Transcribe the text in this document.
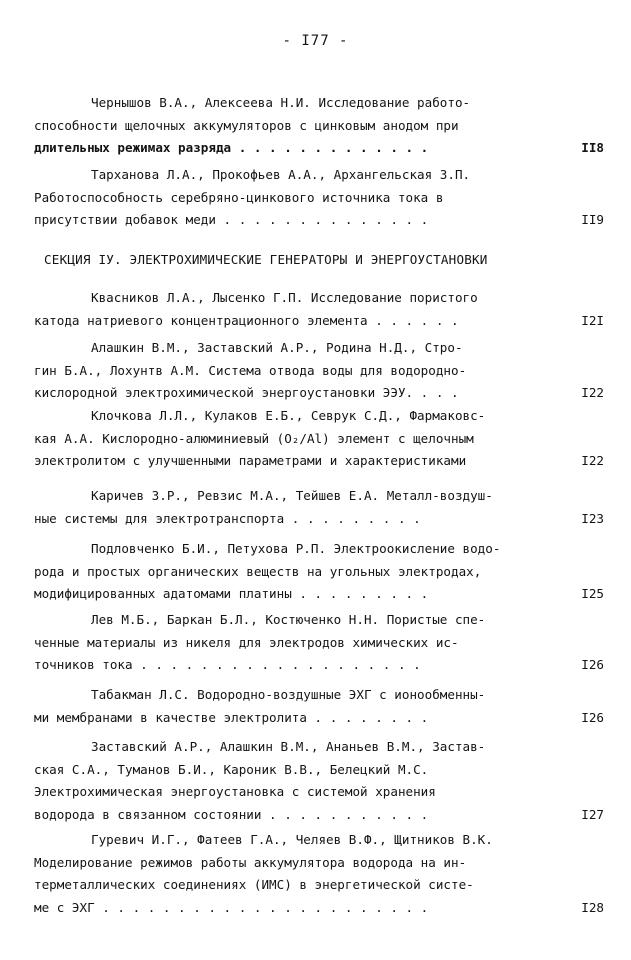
- I77 -
Чернышов В.А., Алексеева Н.И. Исследование работо-
способности щелочных аккумуляторов с цинковым анодом при
длительных режимах разряда . . . . . . . . . . . . .	II8
Тарханова Л.А., Прокофьев А.А., Архангельская З.П.
Работоспособность серебряно-цинкового источника тока в
присутствии добавок меди . . . . . . . . . . . . . .	II9
СЕКЦИЯ IУ. ЭЛЕКТРОХИМИЧЕСКИЕ ГЕНЕРАТОРЫ И ЭНЕРГОУСТАНОВКИ
Квасников Л.А., Лысенко Г.П. Исследование пористого
катода натриевого концентрационного элемента . . . . . .	I2I
Алашкин В.М., Заставский А.Р., Родина Н.Д., Стро-
гин Б.А., Лохунтв А.М. Система отвода воды для водородно-
кислородной электрохимической энергоустановки ЭЭУ. . . .	I22
Клочкова Л.Л., Кулаков Е.Б., Севрук С.Д., Фармаковс-
кая А.А. Кислородно-алюминиевый (O₂/Al) элемент с щелочным
электролитом с улучшенными параметрами и характеристиками	I22
Каричев З.Р., Ревзис М.А., Тейшев Е.А. Металл-воздуш-
ные системы для электротранспорта . . . . . . . . .	I23
Подловченко Б.И., Петухова Р.П. Электроокисление водо-
рода и простых органических веществ на угольных электродах,
модифицированных адатомами платины . . . . . . . . .	I25
Лев М.Б., Баркан Б.Л., Костюченко Н.Н. Пористые спе-
ченные материалы из никеля для электродов химических ис-
точников тока . . . . . . . . . . . . . . . . . . .	I26
Табакман Л.С. Водородно-воздушные ЭХГ с ионообменны-
ми мембранами в качестве электролита . . . . . . . .	I26
Заставский А.Р., Алашкин В.М., Ананьев В.М., Застав-
ская С.А., Туманов Б.И., Кароник В.В., Белецкий М.С.
Электрохимическая энергоустановка с системой хранения
водорода в связанном состоянии . . . . . . . . . . .	I27
Гуревич И.Г., Фатеев Г.А., Челяев В.Ф., Щитников В.К.
Моделирование режимов работы аккумулятора водорода на ин-
терметаллических соединениях (ИМС) в энергетической систе-
ме с ЭХГ . . . . . . . . . . . . . . . . . . . . . .	I28
